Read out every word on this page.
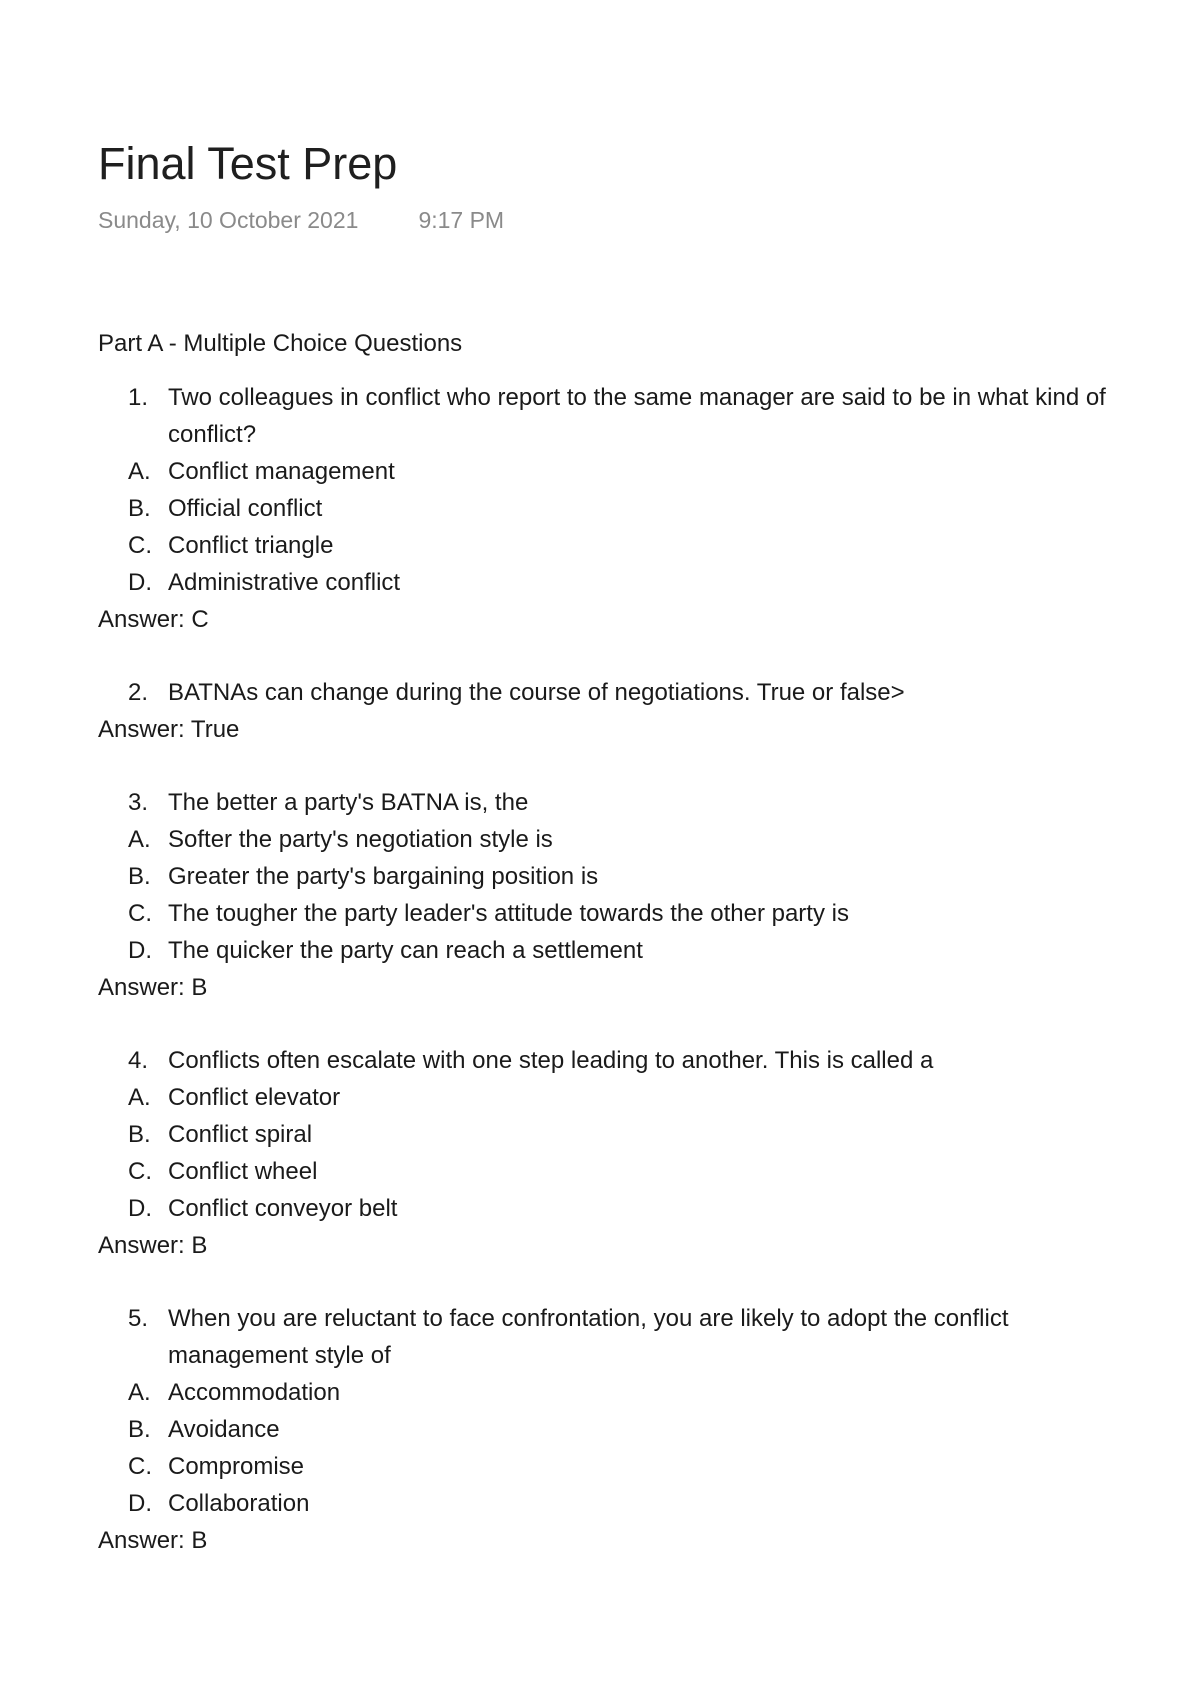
Final Test Prep
Sunday, 10 October 2021	9:17 PM
Part A - Multiple Choice Questions
1. Two colleagues in conflict who report to the same manager are said to be in what kind of conflict?
A. Conflict management
B. Official conflict
C. Conflict triangle
D. Administrative conflict
Answer: C
2. BATNAs can change during the course of negotiations. True or false>
Answer: True
3. The better a party's BATNA is, the
A. Softer the party's negotiation style is
B. Greater the party's bargaining position is
C. The tougher the party leader's attitude towards the other party is
D. The quicker the party can reach a settlement
Answer: B
4. Conflicts often escalate with one step leading to another. This is called a
A. Conflict elevator
B. Conflict spiral
C. Conflict wheel
D. Conflict conveyor belt
Answer: B
5. When you are reluctant to face confrontation, you are likely to adopt the conflict management style of
A. Accommodation
B. Avoidance
C. Compromise
D. Collaboration
Answer: B
